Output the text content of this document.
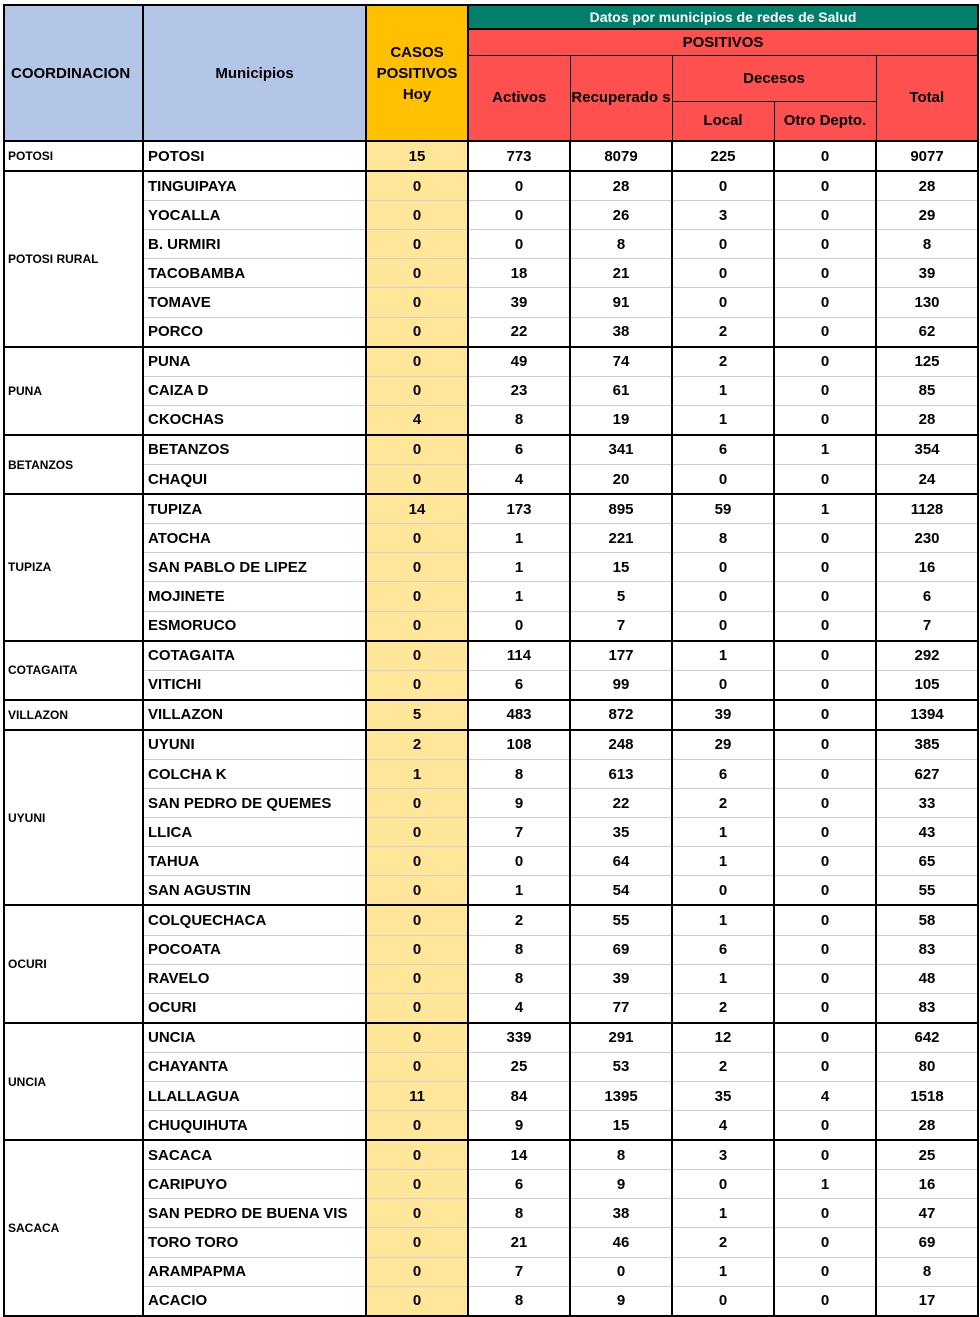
COORDINACION	Municipios	CASOS POSITIVOS Hoy	Datos por municipios de redes de Salud				
			POSITIVOS				
			Activos	Recuperado s	Decesos		Total
					Local	Otro Depto.	
POTOSI	POTOSI	15	773	8079	225	0	9077
POTOSI RURAL	TINGUIPAYA	0	0	28	0	0	28
	YOCALLA	0	0	26	3	0	29
	B. URMIRI	0	0	8	0	0	8
	TACOBAMBA	0	18	21	0	0	39
	TOMAVE	0	39	91	0	0	130
	PORCO	0	22	38	2	0	62
PUNA	PUNA	0	49	74	2	0	125
	CAIZA D	0	23	61	1	0	85
	CKOCHAS	4	8	19	1	0	28
BETANZOS	BETANZOS	0	6	341	6	1	354
	CHAQUI	0	4	20	0	0	24
TUPIZA	TUPIZA	14	173	895	59	1	1128
	ATOCHA	0	1	221	8	0	230
	SAN PABLO DE LIPEZ	0	1	15	0	0	16
	MOJINETE	0	1	5	0	0	6
	ESMORUCO	0	0	7	0	0	7
COTAGAITA	COTAGAITA	0	114	177	1	0	292
	VITICHI	0	6	99	0	0	105
VILLAZON	VILLAZON	5	483	872	39	0	1394
UYUNI	UYUNI	2	108	248	29	0	385
	COLCHA K	1	8	613	6	0	627
	SAN PEDRO DE QUEMES	0	9	22	2	0	33
	LLICA	0	7	35	1	0	43
	TAHUA	0	0	64	1	0	65
	SAN AGUSTIN	0	1	54	0	0	55
OCURI	COLQUECHACA	0	2	55	1	0	58
	POCOATA	0	8	69	6	0	83
	RAVELO	0	8	39	1	0	48
	OCURI	0	4	77	2	0	83
UNCIA	UNCIA	0	339	291	12	0	642
	CHAYANTA	0	25	53	2	0	80
	LLALLAGUA	11	84	1395	35	4	1518
	CHUQUIHUTA	0	9	15	4	0	28
SACACA	SACACA	0	14	8	3	0	25
	CARIPUYO	0	6	9	0	1	16
	SAN PEDRO DE BUENA VIS	0	8	38	1	0	47
	TORO TORO	0	21	46	2	0	69
	ARAMPAPMA	0	7	0	1	0	8
	ACACIO	0	8	9	0	0	17
